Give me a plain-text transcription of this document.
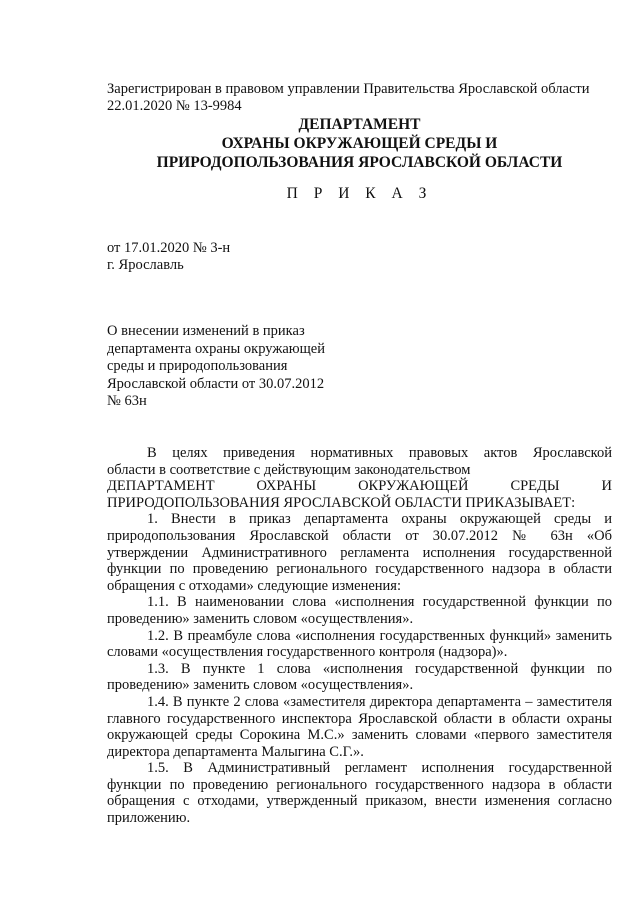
Зарегистрирован в правовом управлении Правительства Ярославской области
22.01.2020 № 13-9984
ДЕПАРТАМЕНТ
ОХРАНЫ ОКРУЖАЮЩЕЙ СРЕДЫ И
ПРИРОДОПОЛЬЗОВАНИЯ ЯРОСЛАВСКОЙ ОБЛАСТИ
П Р И К А З
от 17.01.2020 № 3-н
г. Ярославль
О внесении изменений в приказ
департамента охраны окружающей
среды и природопользования
Ярославской области от 30.07.2012
№ 63н
В целях приведения нормативных правовых актов Ярославской
области в соответствие с действующим законодательством
ДЕПАРТАМЕНТ	ОХРАНЫ	ОКРУЖАЮЩЕЙ	СРЕДЫ	И
ПРИРОДОПОЛЬЗОВАНИЯ ЯРОСЛАВСКОЙ ОБЛАСТИ ПРИКАЗЫВАЕТ:

1. Внести в приказ департамента охраны окружающей среды и природопользования Ярославской области от 30.07.2012 № 63н «Об утверждении Административного регламента исполнения государственной функции по проведению регионального государственного надзора в области обращения с отходами» следующие изменения:

1.1. В наименовании слова «исполнения государственной функции по проведению» заменить словом «осуществления».

1.2. В преамбуле слова «исполнения государственных функций» заменить словами «осуществления государственного контроля (надзора)».

1.3. В пункте 1 слова «исполнения государственной функции по проведению» заменить словом «осуществления».

1.4. В пункте 2 слова «заместителя директора департамента – заместителя главного государственного инспектора Ярославской области в области охраны окружающей среды Сорокина М.С.» заменить словами «первого заместителя директора департамента Малыгина С.Г.».

1.5. В Административный регламент исполнения государственной функции по проведению регионального государственного надзора в области обращения с отходами, утвержденный приказом, внести изменения согласно приложению.
